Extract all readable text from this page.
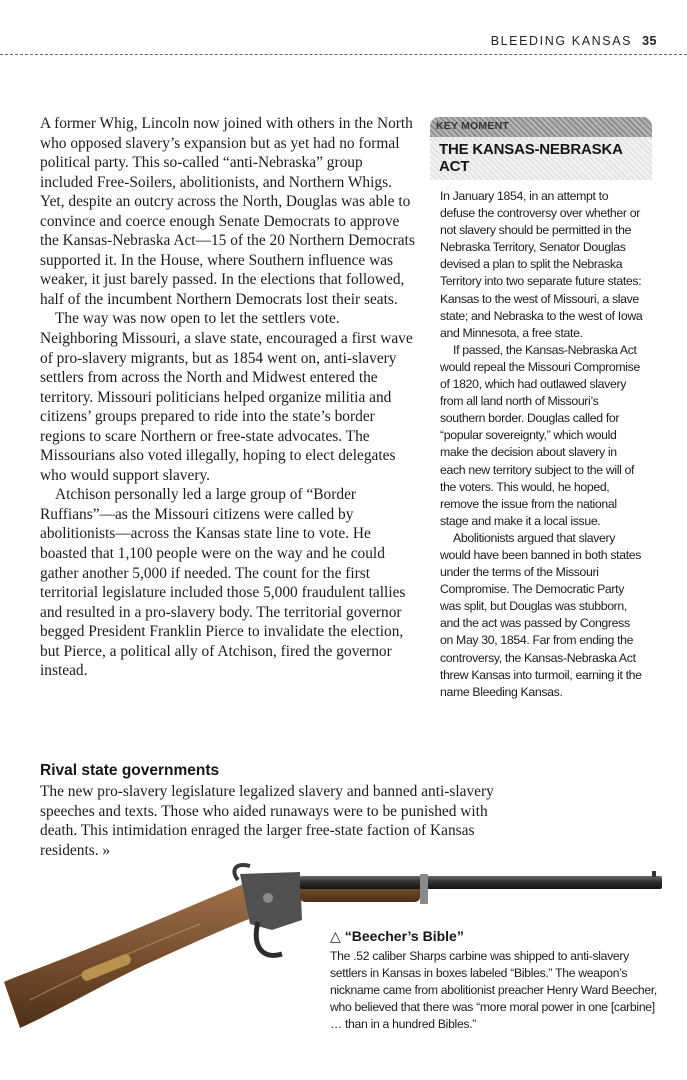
BLEEDING KANSAS 35

A former Whig, Lincoln now joined with others in the North who opposed slavery’s expansion but as yet had no formal political party. This so-called “anti-Nebraska” group included Free-Soilers, abolitionists, and Northern Whigs. Yet, despite an outcry across the North, Douglas was able to convince and coerce enough Senate Democrats to approve the Kansas-Nebraska Act—15 of the 20 Northern Democrats supported it. In the House, where Southern influence was weaker, it just barely passed. In the elections that followed, half of the incumbent Northern Democrats lost their seats.

The way was now open to let the settlers vote. Neighboring Missouri, a slave state, encouraged a first wave of pro-slavery migrants, but as 1854 went on, anti-slavery settlers from across the North and Midwest entered the territory. Missouri politicians helped organize militia and citizens’ groups prepared to ride into the state’s border regions to scare Northern or free-state advocates. The Missourians also voted illegally, hoping to elect delegates who would support slavery.

Atchison personally led a large group of “Border Ruffians”—as the Missouri citizens were called by abolitionists—across the Kansas state line to vote. He boasted that 1,100 people were on the way and he could gather another 5,000 if needed. The count for the first territorial legislature included those 5,000 fraudulent tallies and resulted in a pro-slavery body. The territorial governor begged President Franklin Pierce to invalidate the election, but Pierce, a political ally of Atchison, fired the governor instead.

KEY MOMENT
THE KANSAS-NEBRASKA ACT

In January 1854, in an attempt to defuse the controversy over whether or not slavery should be permitted in the Nebraska Territory, Senator Douglas devised a plan to split the Nebraska Territory into two separate future states: Kansas to the west of Missouri, a slave state; and Nebraska to the west of Iowa and Minnesota, a free state.

If passed, the Kansas-Nebraska Act would repeal the Missouri Compromise of 1820, which had outlawed slavery from all land north of Missouri’s southern border. Douglas called for “popular sovereignty,” which would make the decision about slavery in each new territory subject to the will of the voters. This would, he hoped, remove the issue from the national stage and make it a local issue.

Abolitionists argued that slavery would have been banned in both states under the terms of the Missouri Compromise. The Democratic Party was split, but Douglas was stubborn, and the act was passed by Congress on May 30, 1854. Far from ending the controversy, the Kansas-Nebraska Act threw Kansas into turmoil, earning it the name Bleeding Kansas.

Rival state governments

The new pro-slavery legislature legalized slavery and banned anti-slavery speeches and texts. Those who aided runaways were to be punished with death. This intimidation enraged the larger free-state faction of Kansas residents. »

△ “Beecher’s Bible”

The .52 caliber Sharps carbine was shipped to anti-slavery settlers in Kansas in boxes labeled “Bibles.” The weapon’s nickname came from abolitionist preacher Henry Ward Beecher, who believed that there was “more moral power in one [carbine] … than in a hundred Bibles.”
